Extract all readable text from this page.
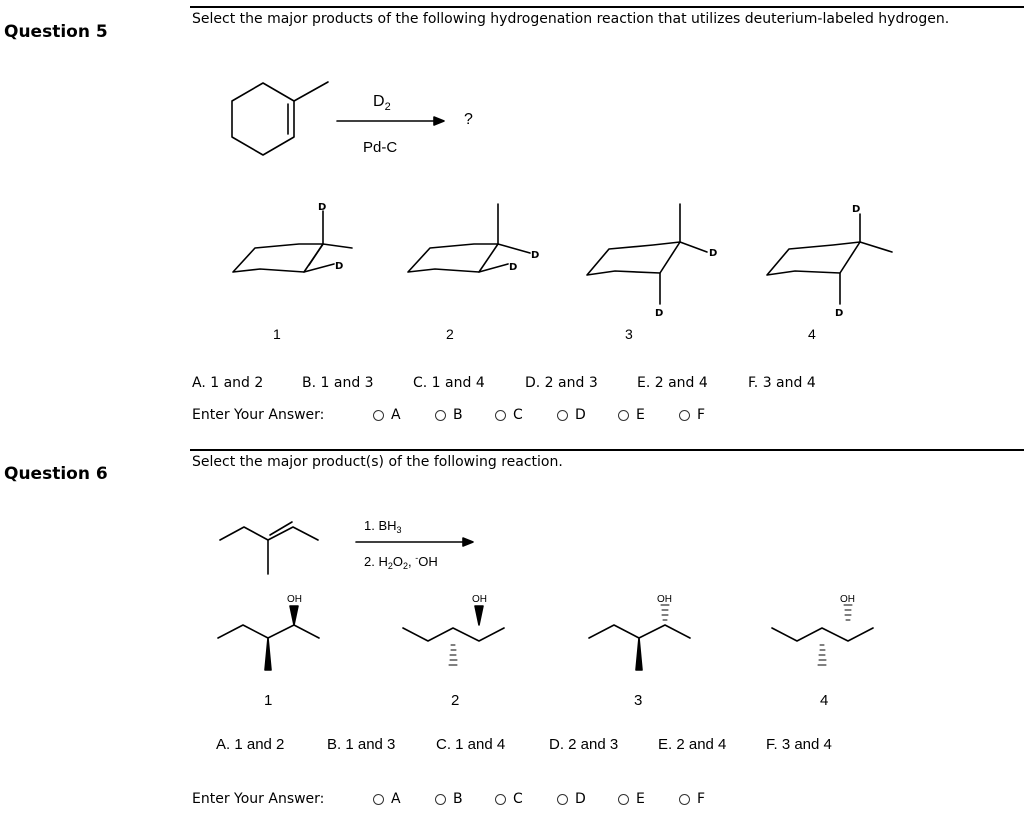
Question 5
Select the major products of the following hydrogenation reaction that utilizes deuterium-labeled hydrogen.
$D_2$
Pd-C
?
D
D
D
D
D
D
D
D
1	2	3	4
1. $BH_3$
2. $H_2O_2$, -OH
OH	OH	OH	OH
1	2	3	4
A. 1 and 2	B. 1 and 3	C. 1 and 4	D. 2 and 3	E. 2 and 4	F. 3 and 4
Enter Your Answer:	A	B	C	D	E	F
Question 6
Select the major product(s) of the following reaction.
A. 1 and 2	B. 1 and 3	C. 1 and 4	D. 2 and 3	E. 2 and 4	F. 3 and 4
Enter Your Answer:	A	B	C	D	E	F
